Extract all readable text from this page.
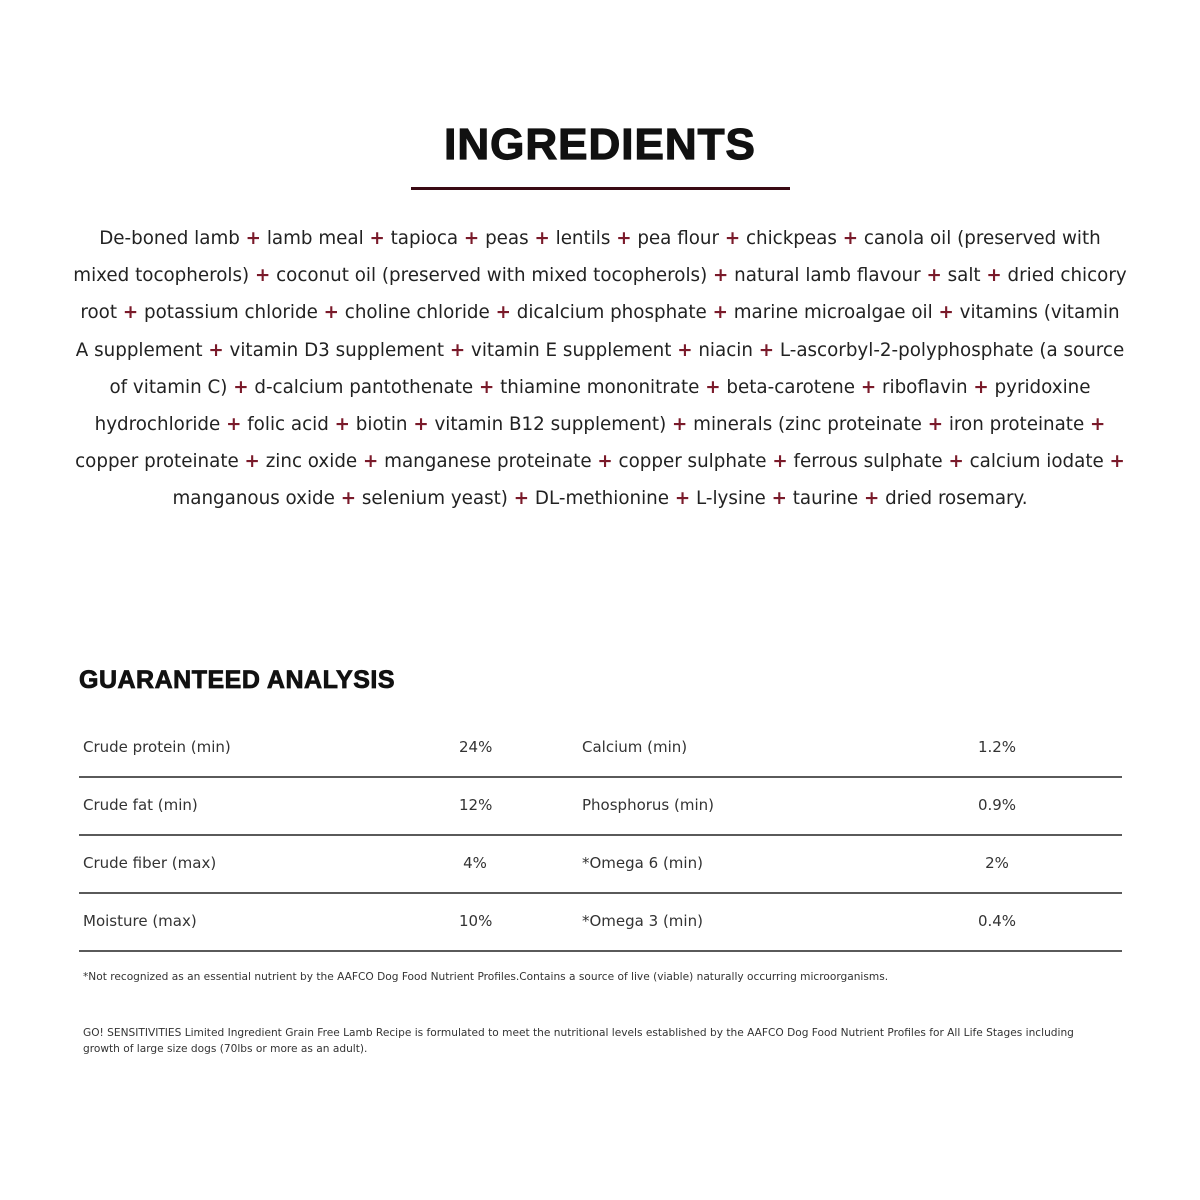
INGREDIENTS

De-boned lamb + lamb meal + tapioca + peas + lentils + pea flour + chickpeas + canola oil (preserved with mixed tocopherols) + coconut oil (preserved with mixed tocopherols) + natural lamb flavour + salt + dried chicory root + potassium chloride + choline chloride + dicalcium phosphate + marine microalgae oil + vitamins (vitamin A supplement + vitamin D3 supplement + vitamin E supplement + niacin + L-ascorbyl-2-polyphosphate (a source of vitamin C) + d-calcium pantothenate + thiamine mononitrate + beta-carotene + riboflavin + pyridoxine hydrochloride + folic acid + biotin + vitamin B12 supplement) + minerals (zinc proteinate + iron proteinate + copper proteinate + zinc oxide + manganese proteinate + copper sulphate + ferrous sulphate + calcium iodate + manganous oxide + selenium yeast) + DL-methionine + L-lysine + taurine + dried rosemary.

GUARANTEED ANALYSIS
Crude protein (min)	24%	Calcium (min)	1.2%
Crude fat (min)	12%	Phosphorus (min)	0.9%
Crude fiber (max)	4%	*Omega 6 (min)	2%
Moisture (max)	10%	*Omega 3 (min)	0.4%

*Not recognized as an essential nutrient by the AAFCO Dog Food Nutrient Profiles.Contains a source of live (viable) naturally occurring microorganisms.

GO! SENSITIVITIES Limited Ingredient Grain Free Lamb Recipe is formulated to meet the nutritional levels established by the AAFCO Dog Food Nutrient Profiles for All Life Stages including growth of large size dogs (70lbs or more as an adult).
